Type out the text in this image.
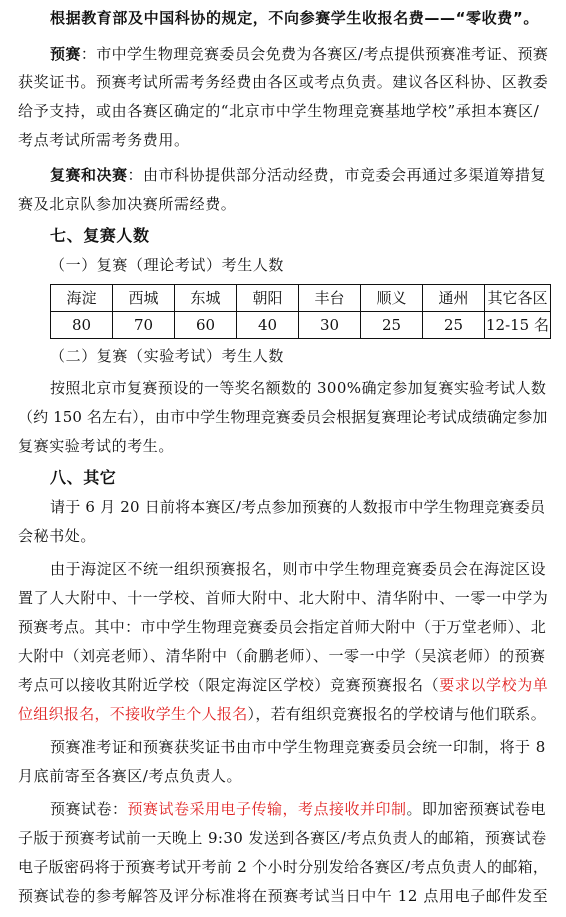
根据教育部及中国科协的规定，不向参赛学生收报名费——“零收费”。
预赛：市中学生物理竞赛委员会免费为各赛区/考点提供预赛准考证、预赛
获奖证书。预赛考试所需考务经费由各区或考点负责。建议各区科协、区教委
给予支持，或由各赛区确定的“北京市中学生物理竞赛基地学校”承担本赛区/
考点考试所需考务费用。
复赛和决赛：由市科协提供部分活动经费，市竞委会再通过多渠道筹措复
赛及北京队参加决赛所需经费。
七、复赛人数
（一）复赛（理论考试）考生人数
海淀	西城	东城	朝阳	丰台	顺义	通州	其它各区
80	70	60	40	30	25	25	12-15 名
（二）复赛（实验考试）考生人数
按照北京市复赛预设的一等奖名额数的 300%确定参加复赛实验考试人数
（约 150 名左右），由市中学生物理竞赛委员会根据复赛理论考试成绩确定参加
复赛实验考试的考生。
八、其它
请于 6 月 20 日前将本赛区/考点参加预赛的人数报市中学生物理竞赛委员
会秘书处。
由于海淀区不统一组织预赛报名，则市中学生物理竞赛委员会在海淀区设
置了人大附中、十一学校、首师大附中、北大附中、清华附中、一零一中学为
预赛考点。其中：市中学生物理竞赛委员会指定首师大附中（于万堂老师）、北
大附中（刘亮老师）、清华附中（俞鹏老师）、一零一中学（吴滨老师）的预赛
考点可以接收其附近学校（限定海淀区学校）竞赛预赛报名（要求以学校为单
位组织报名，不接收学生个人报名），若有组织竞赛报名的学校请与他们联系。
预赛准考证和预赛获奖证书由市中学生物理竞赛委员会统一印制，将于 8
月底前寄至各赛区/考点负责人。
预赛试卷：预赛试卷采用电子传输，考点接收并印制。即加密预赛试卷电
子版于预赛考试前一天晚上 9:30 发送到各赛区/考点负责人的邮箱，预赛试卷
电子版密码将于预赛考试开考前 2 个小时分别发给各赛区/考点负责人的邮箱，
预赛试卷的参考解答及评分标准将在预赛考试当日中午 12 点用电子邮件发至
